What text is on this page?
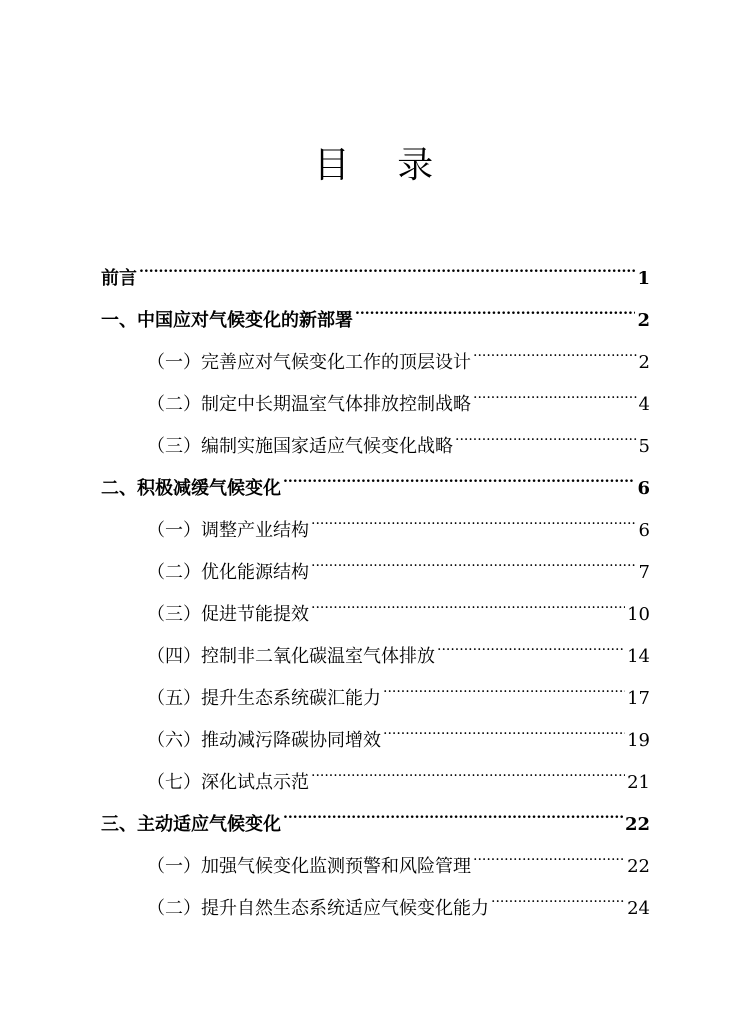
目 录
前言 .....	1
一、中国应对气候变化的新部署 .....	2
（一）完善应对气候变化工作的顶层设计 .....	2
（二）制定中长期温室气体排放控制战略 .....	4
（三）编制实施国家适应气候变化战略 .....	5
二、积极减缓气候变化 .....	6
（一）调整产业结构 .....	6
（二）优化能源结构 .....	7
（三）促进节能提效 .....	10
（四）控制非二氧化碳温室气体排放 .....	14
（五）提升生态系统碳汇能力 .....	17
（六）推动减污降碳协同增效 .....	19
（七）深化试点示范 .....	21
三、主动适应气候变化 .....	22
（一）加强气候变化监测预警和风险管理 .....	22
（二）提升自然生态系统适应气候变化能力 .....	24
